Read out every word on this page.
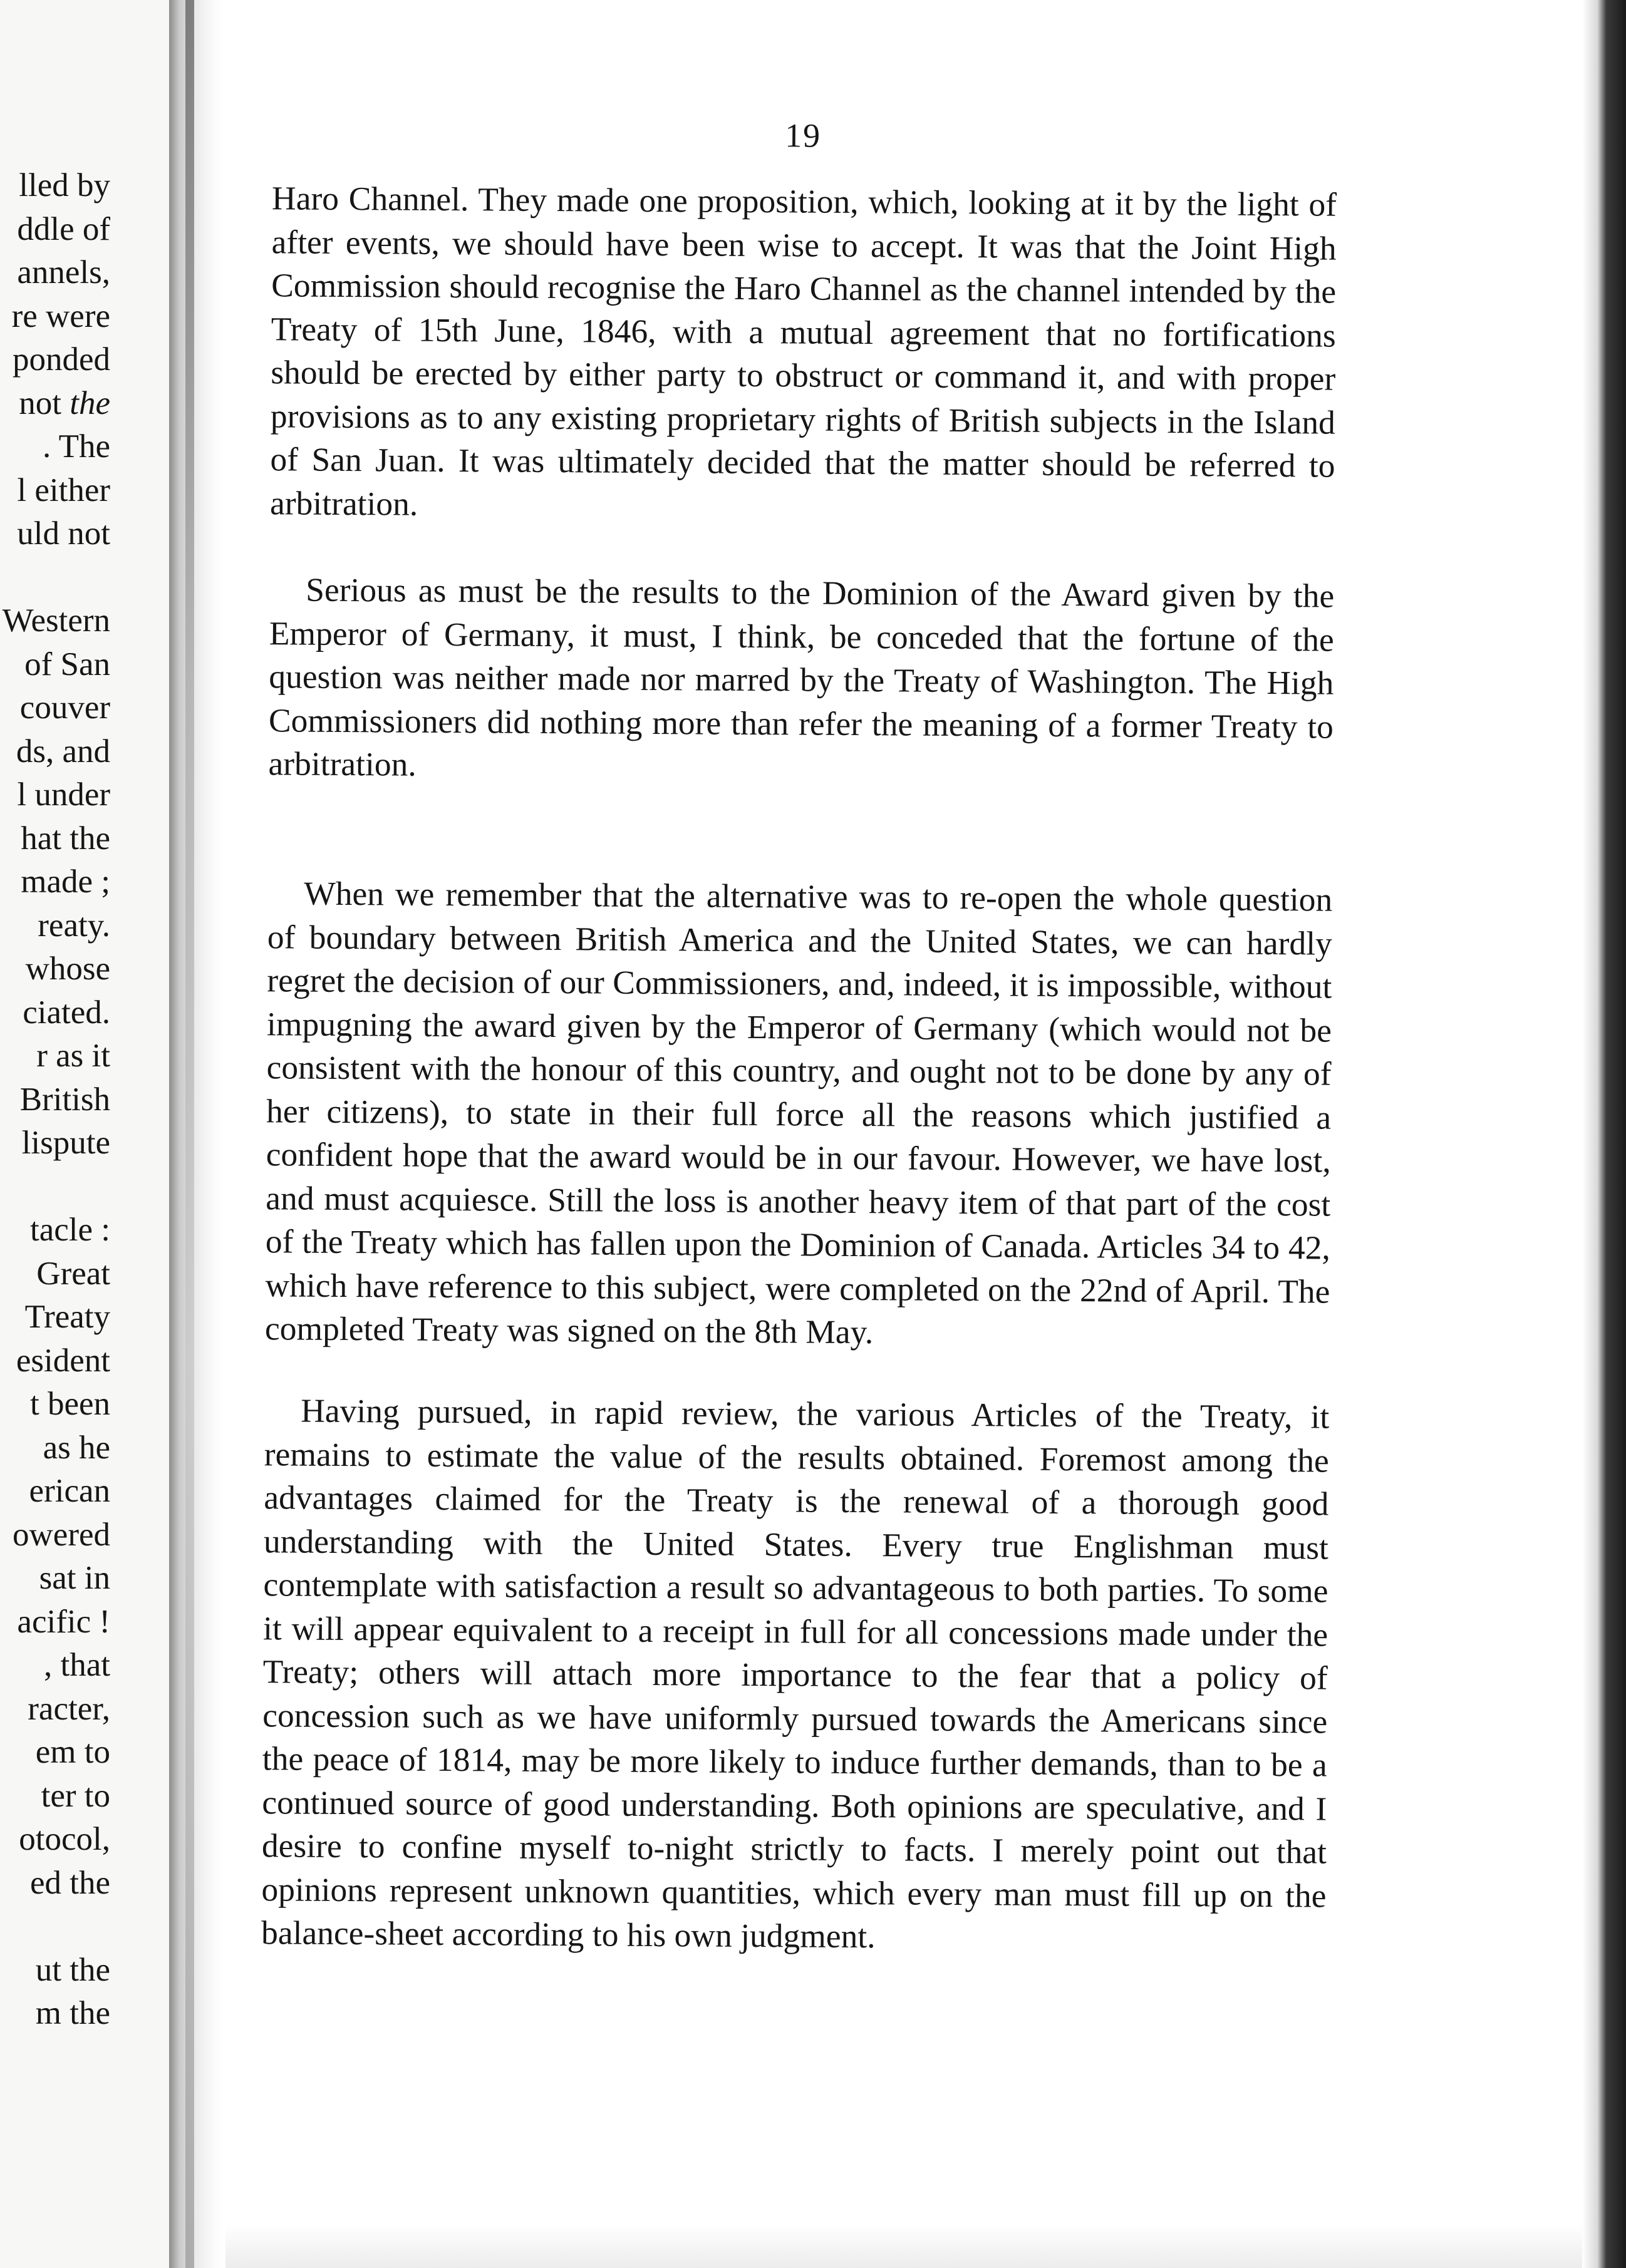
lled by
ddle of
annels,
re were
ponded
not the
. The
l either
uld not

Western
of San
couver
ds, and
l under
hat the
made ;
reaty.
whose
ciated.
r as it
British
lispute

tacle :
Great
Treaty
esident
t been
as he
erican
owered
sat in
acific !
, that
racter,
em to
ter to
otocol,
ed the

ut the
m the
19
Haro Channel. They made one proposition, which, looking at it by the light of after events, we should have been wise to accept. It was that the Joint High Commission should recognise the Haro Channel as the channel intended by the Treaty of 15th June, 1846, with a mutual agreement that no fortifications should be erected by either party to obstruct or command it, and with proper provisions as to any existing proprietary rights of British subjects in the Island of San Juan. It was ultimately decided that the matter should be referred to arbitration.
Serious as must be the results to the Dominion of the Award given by the Emperor of Germany, it must, I think, be conceded that the fortune of the question was neither made nor marred by the Treaty of Washington. The High Commissioners did nothing more than refer the meaning of a former Treaty to arbitration.
When we remember that the alternative was to re-open the whole question of boundary between British America and the United States, we can hardly regret the decision of our Commissioners, and, indeed, it is impossible, without impugning the award given by the Emperor of Germany (which would not be consistent with the honour of this country, and ought not to be done by any of her citizens), to state in their full force all the reasons which justified a confident hope that the award would be in our favour. However, we have lost, and must acquiesce. Still the loss is another heavy item of that part of the cost of the Treaty which has fallen upon the Dominion of Canada. Articles 34 to 42, which have reference to this subject, were completed on the 22nd of April. The completed Treaty was signed on the 8th May.
Having pursued, in rapid review, the various Articles of the Treaty, it remains to estimate the value of the results obtained. Foremost among the advantages claimed for the Treaty is the renewal of a thorough good understanding with the United States. Every true Englishman must contemplate with satisfaction a result so advantageous to both parties. To some it will appear equivalent to a receipt in full for all concessions made under the Treaty; others will attach more importance to the fear that a policy of concession such as we have uniformly pursued towards the Americans since the peace of 1814, may be more likely to induce further demands, than to be a continued source of good understanding. Both opinions are speculative, and I desire to confine myself to-night strictly to facts. I merely point out that opinions represent unknown quantities, which every man must fill up on the balance-sheet according to his own judgment.
